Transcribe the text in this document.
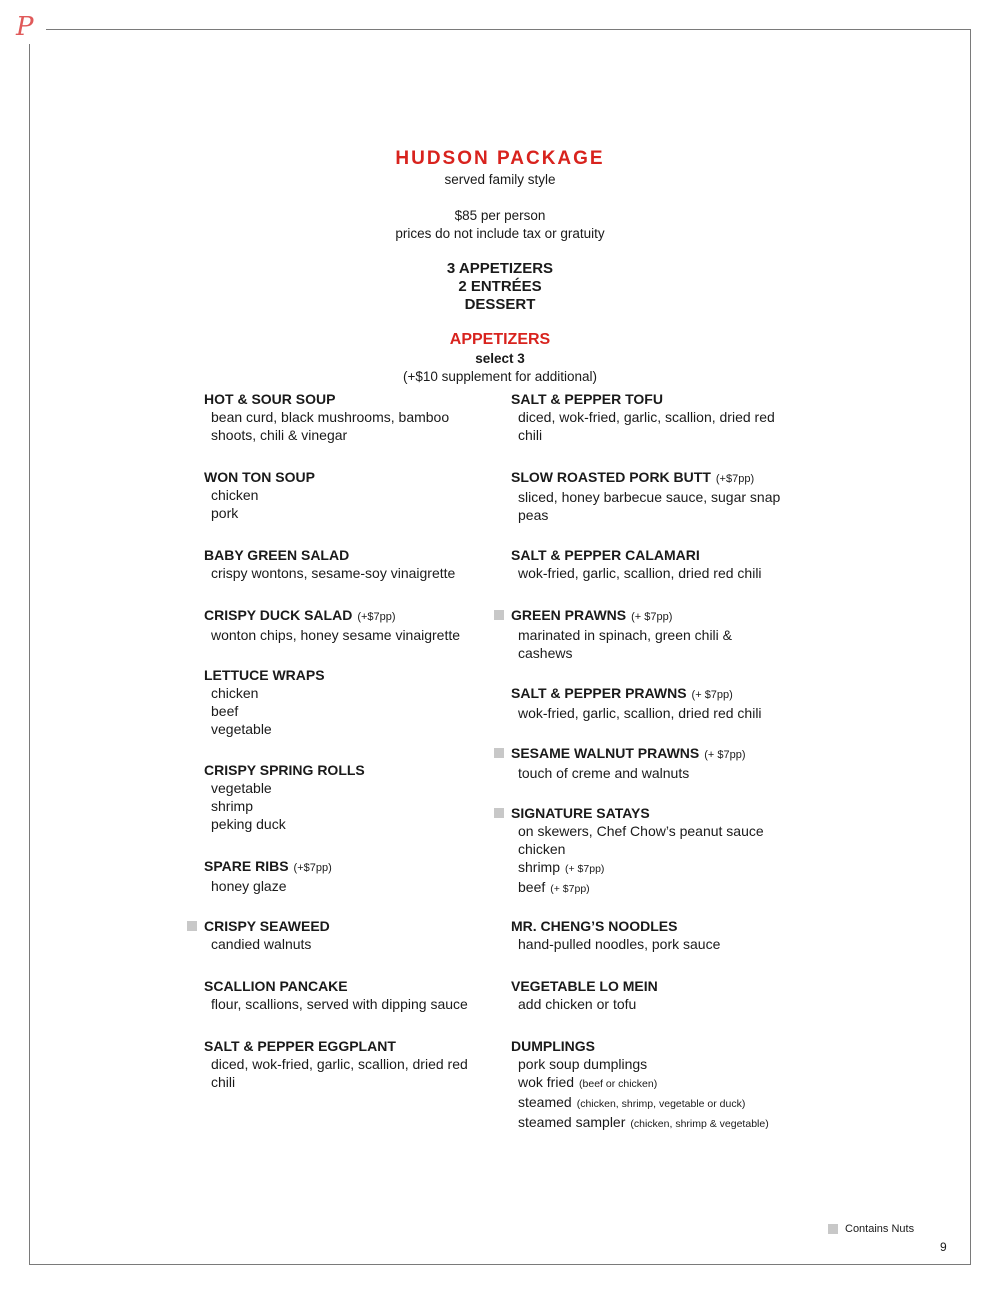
P
HUDSON PACKAGE
served family style
$85 per person
prices do not include tax or gratuity
3 APPETIZERS
2 ENTRÉES
DESSERT
APPETIZERS
select 3
(+$10 supplement for additional)
HOT & SOUR SOUP
bean curd, black mushrooms, bamboo
shoots, chili & vinegar
WON TON SOUP
chicken
pork
BABY GREEN SALAD
crispy wontons, sesame-soy vinaigrette
CRISPY DUCK SALAD (+$7pp)
wonton chips, honey sesame vinaigrette
LETTUCE WRAPS
chicken
beef
vegetable
CRISPY SPRING ROLLS
vegetable
shrimp
peking duck
SPARE RIBS (+$7pp)
honey glaze
CRISPY SEAWEED
candied walnuts
SCALLION PANCAKE
flour, scallions, served with dipping sauce
SALT & PEPPER EGGPLANT
diced, wok-fried, garlic, scallion, dried red
chili
SALT & PEPPER TOFU
diced, wok-fried, garlic, scallion, dried red
chili
SLOW ROASTED PORK BUTT (+$7pp)
sliced, honey barbecue sauce, sugar snap
peas
SALT & PEPPER CALAMARI
wok-fried, garlic, scallion, dried red chili
GREEN PRAWNS (+ $7pp)
marinated in spinach, green chili &
cashews
SALT & PEPPER PRAWNS (+ $7pp)
wok-fried, garlic, scallion, dried red chili
SESAME WALNUT PRAWNS (+ $7pp)
touch of creme and walnuts
SIGNATURE SATAYS
on skewers, Chef Chow’s peanut sauce
chicken
shrimp (+ $7pp)
beef (+ $7pp)
MR. CHENG’S NOODLES
hand-pulled noodles, pork sauce
VEGETABLE LO MEIN
add chicken or tofu
DUMPLINGS
pork soup dumplings
wok fried (beef or chicken)
steamed (chicken, shrimp, vegetable or duck)
steamed sampler (chicken, shrimp & vegetable)
Contains Nuts
9
